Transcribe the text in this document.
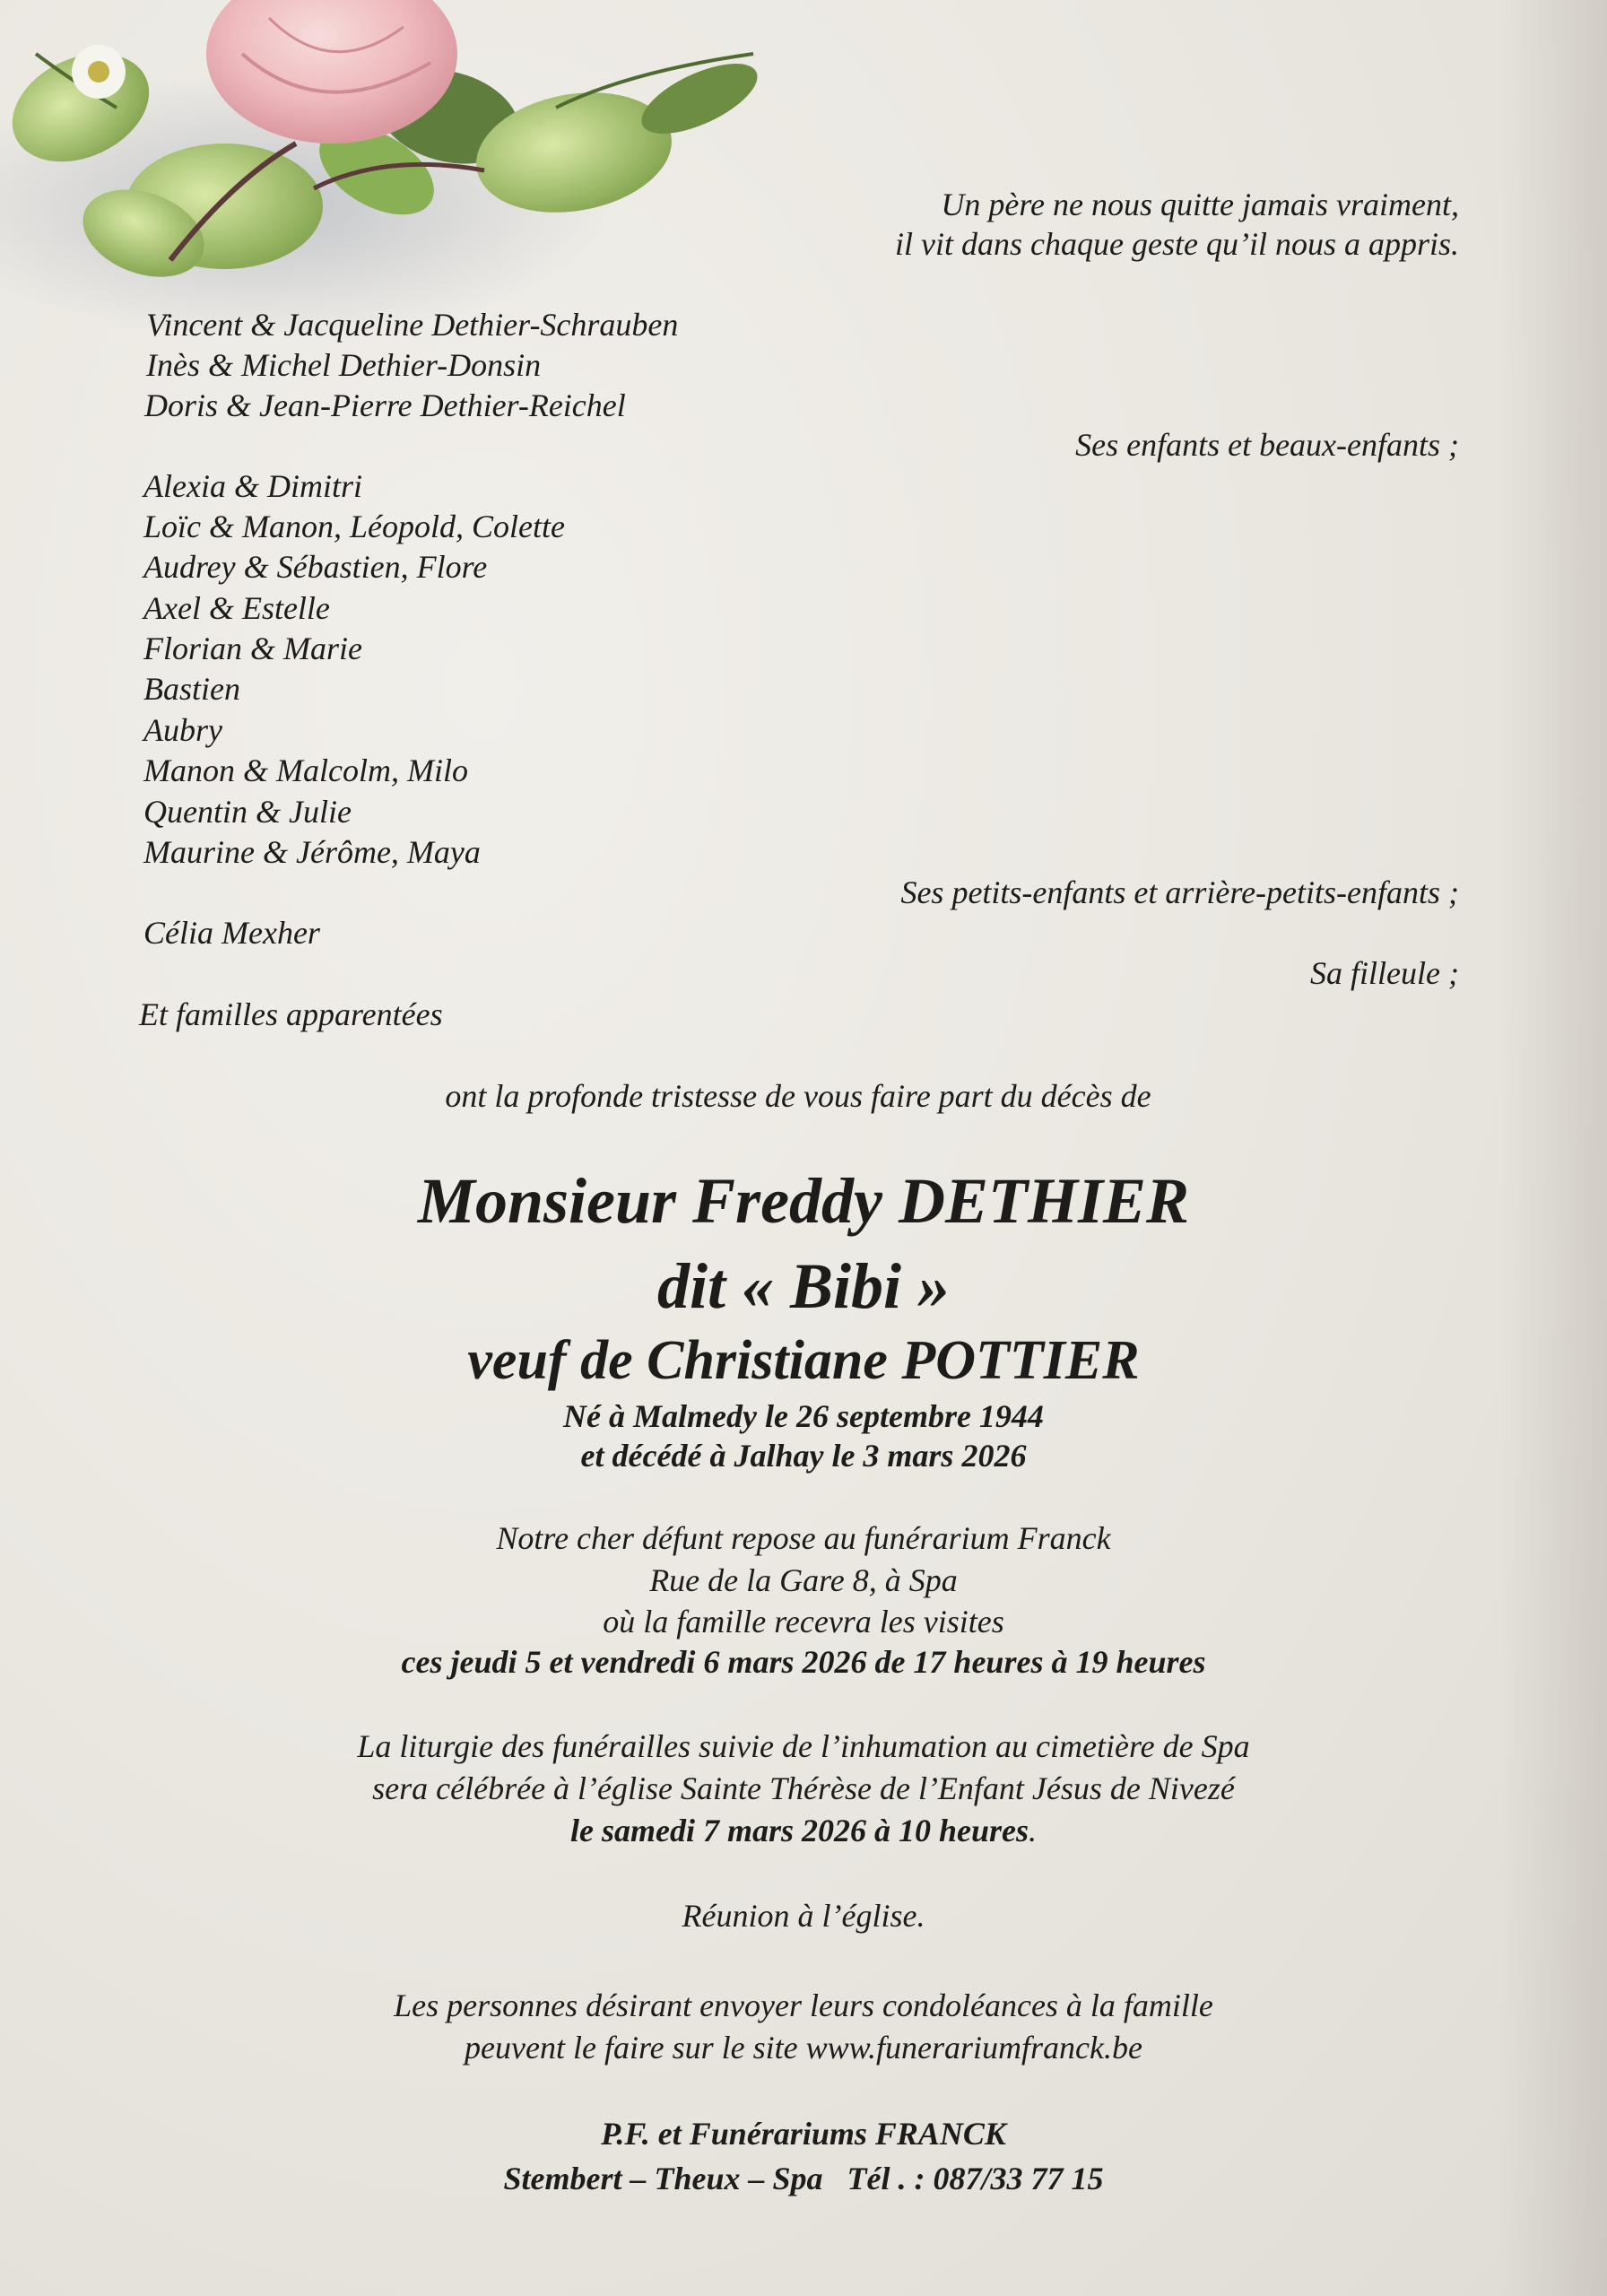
Un père ne nous quitte jamais vraiment,
il vit dans chaque geste qu’il nous a appris.
Vincent & Jacqueline Dethier-Schrauben
Inès & Michel Dethier-Donsin
Doris & Jean-Pierre Dethier-Reichel
Ses enfants et beaux-enfants ;
Alexia & Dimitri
Loïc & Manon, Léopold, Colette
Audrey & Sébastien, Flore
Axel & Estelle
Florian & Marie
Bastien
Aubry
Manon & Malcolm, Milo
Quentin & Julie
Maurine & Jérôme, Maya
Ses petits-enfants et arrière-petits-enfants ;
Célia Mexher
Sa filleule ;
Et familles apparentées
ont la profonde tristesse de vous faire part du décès de
Monsieur Freddy DETHIER
dit « Bibi »
veuf de Christiane POTTIER
Né à Malmedy le 26 septembre 1944
et décédé à Jalhay le 3 mars 2026
Notre cher défunt repose au funérarium Franck
Rue de la Gare 8, à Spa
où la famille recevra les visites
ces jeudi 5 et vendredi 6 mars 2026 de 17 heures à 19 heures
La liturgie des funérailles suivie de l’inhumation au cimetière de Spa
sera célébrée à l’église Sainte Thérèse de l’Enfant Jésus de Nivezé
le samedi 7 mars 2026 à 10 heures.
Réunion à l’église.
Les personnes désirant envoyer leurs condoléances à la famille
peuvent le faire sur le site www.funerariumfranck.be
P.F. et Funérariums FRANCK
Stembert – Theux – Spa Tél . : 087/33 77 15
